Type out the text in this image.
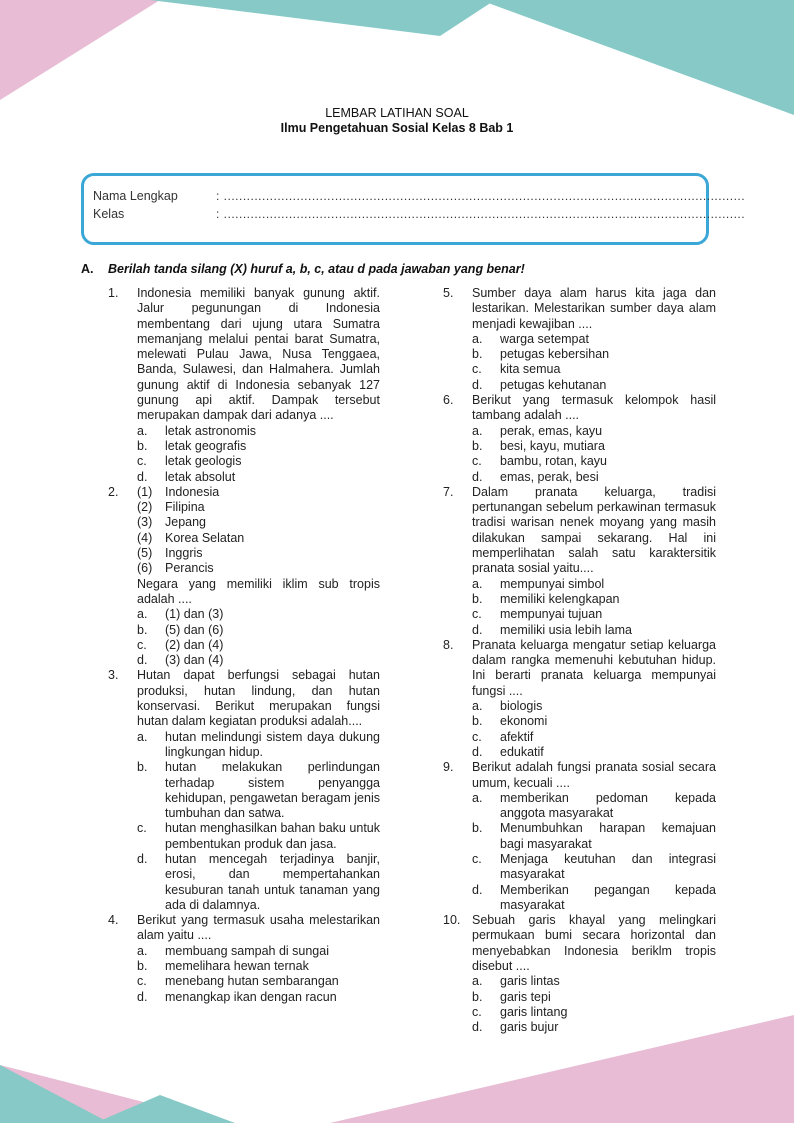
LEMBAR LATIHAN SOAL
Ilmu Pengetahuan Sosial Kelas 8 Bab 1
Nama Lengkap	: ........................................................................................................................................
Kelas	: ........................................................................................................................................
A. Berilah tanda silang (X) huruf a, b, c, atau d pada jawaban yang benar!
1. Indonesia memiliki banyak gunung aktif. Jalur pegunungan di Indonesia membentang dari ujung utara Sumatra memanjang melalui pentai barat Sumatra, melewati Pulau Jawa, Nusa Tenggaea, Banda, Sulawesi, dan Halmahera. Jumlah gunung aktif di Indonesia sebanyak 127 gunung api aktif. Dampak tersebut merupakan dampak dari adanya ....
a. letak astronomis
b. letak geografis
c. letak geologis
d. letak absolut
2. (1) Indonesia
(2) Filipina
(3) Jepang
(4) Korea Selatan
(5) Inggris
(6) Perancis
Negara yang memiliki iklim sub tropis adalah ....
a. (1) dan (3)
b. (5) dan (6)
c. (2) dan (4)
d. (3) dan (4)
3. Hutan dapat berfungsi sebagai hutan produksi, hutan lindung, dan hutan konservasi. Berikut merupakan fungsi hutan dalam kegiatan produksi adalah....
a. hutan melindungi sistem daya dukung lingkungan hidup.
b. hutan melakukan perlindungan terhadap sistem penyangga kehidupan, pengawetan beragam jenis tumbuhan dan satwa.
c. hutan menghasilkan bahan baku untuk pembentukan produk dan jasa.
d. hutan mencegah terjadinya banjir, erosi, dan mempertahankan kesuburan tanah untuk tanaman yang ada di dalamnya.
4. Berikut yang termasuk usaha melestarikan alam yaitu ....
a. membuang sampah di sungai
b. memelihara hewan ternak
c. menebang hutan sembarangan
d. menangkap ikan dengan racun
5. Sumber daya alam harus kita jaga dan lestarikan. Melestarikan sumber daya alam menjadi kewajiban ....
a. warga setempat
b. petugas kebersihan
c. kita semua
d. petugas kehutanan
6. Berikut yang termasuk kelompok hasil tambang adalah ....
a. perak, emas, kayu
b. besi, kayu, mutiara
c. bambu, rotan, kayu
d. emas, perak, besi
7. Dalam pranata keluarga, tradisi pertunangan sebelum perkawinan termasuk tradisi warisan nenek moyang yang masih dilakukan sampai sekarang. Hal ini memperlihatan salah satu karaktersitik pranata sosial yaitu....
a. mempunyai simbol
b. memiliki kelengkapan
c. mempunyai tujuan
d. memiliki usia lebih lama
8. Pranata keluarga mengatur setiap keluarga dalam rangka memenuhi kebutuhan hidup. Ini berarti pranata keluarga mempunyai fungsi ....
a. biologis
b. ekonomi
c. afektif
d. edukatif
9. Berikut adalah fungsi pranata sosial secara umum, kecuali ....
a. memberikan pedoman kepada anggota masyarakat
b. Menumbuhkan harapan kemajuan bagi masyarakat
c. Menjaga keutuhan dan integrasi masyarakat
d. Memberikan pegangan kepada masyarakat
10. Sebuah garis khayal yang melingkari permukaan bumi secara horizontal dan menyebabkan Indonesia beriklm tropis disebut ....
a. garis lintas
b. garis tepi
c. garis lintang
d. garis bujur
